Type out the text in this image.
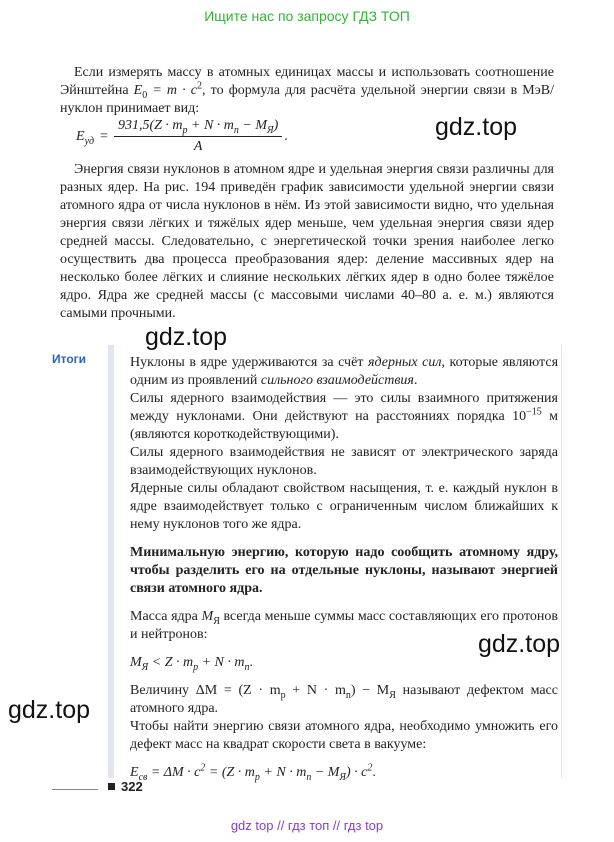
Ищите нас по запросу ГДЗ ТОП
Если измерять массу в атомных единицах массы и использовать соотношение Эйнштейна $E_0 = m \cdot c^2$, то формула для расчёта удельной энергии связи в МэВ/нуклон принимает вид:
$E_{уд} = \frac{931,5(Z \cdot m_p + N \cdot m_n - M_Я)}{A}$ .	gdz.top
Энергия связи нуклонов в атомном ядре и удельная энергия связи различны для разных ядер. На рис. 194 приведён график зависимости удельной энергии связи атомного ядра от числа нуклонов в нём. Из этой зависимости видно, что удельная энергия связи лёгких и тяжёлых ядер меньше, чем удельная энергия связи ядер средней массы. Следовательно, с энергетической точки зрения наиболее легко осуществить два процесса преобразования ядер: деление массивных ядер на несколько более лёгких и слияние нескольких лёгких ядер в одно более тяжёлое ядро. Ядра же средней массы (с массовыми числами 40–80 а. е. м.) являются самыми прочными.
gdz.top
Итоги	Нуклоны в ядре удерживаются за счёт ядерных сил, которые являются одним из проявлений сильного взаимодействия.

Силы ядерного взаимодействия — это силы взаимного притяжения между нуклонами. Они действуют на расстояниях порядка $10^{-15}$ м (являются короткодействующими).

Силы ядерного взаимодействия не зависят от электрического заряда взаимодействующих нуклонов.

Ядерные силы обладают свойством насыщения, т. е. каждый нуклон в ядре взаимодействует только с ограниченным числом ближайших к нему нуклонов того же ядра.

Минимальную энергию, которую надо сообщить атомному ядру, чтобы разделить его на отдельные нуклоны, называют энергией связи атомного ядра.

Масса ядра $M_Я$ всегда меньше суммы масс составляющих его протонов и нейтронов:

$M_Я < Z \cdot m_p + N \cdot m_n$.

Величину $\Delta M = (Z \cdot m_p + N \cdot m_n) - M_Я$ называют дефектом масс атомного ядра.

Чтобы найти энергию связи атомного ядра, необходимо умножить его дефект масс на квадрат скорости света в вакууме:

$E_{св} = \Delta M \cdot c^2 = (Z \cdot m_p + N \cdot m_n - M_Я) \cdot c^2$.

gdz.top
gdz.top
322
gdz top // гдз топ // гдз top
